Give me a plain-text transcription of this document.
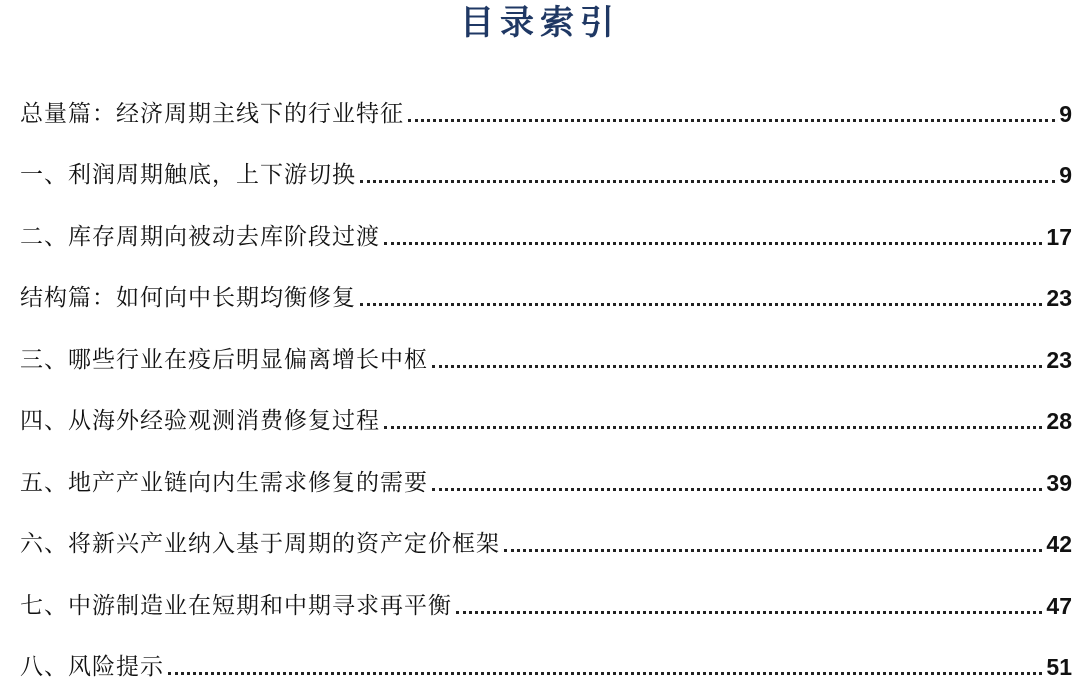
目录索引
总量篇：经济周期主线下的行业特征	9
一、利润周期触底，上下游切换	9
二、库存周期向被动去库阶段过渡	17
结构篇：如何向中长期均衡修复	23
三、哪些行业在疫后明显偏离增长中枢	23
四、从海外经验观测消费修复过程	28
五、地产产业链向内生需求修复的需要	39
六、将新兴产业纳入基于周期的资产定价框架	42
七、中游制造业在短期和中期寻求再平衡	47
八、风险提示	51
